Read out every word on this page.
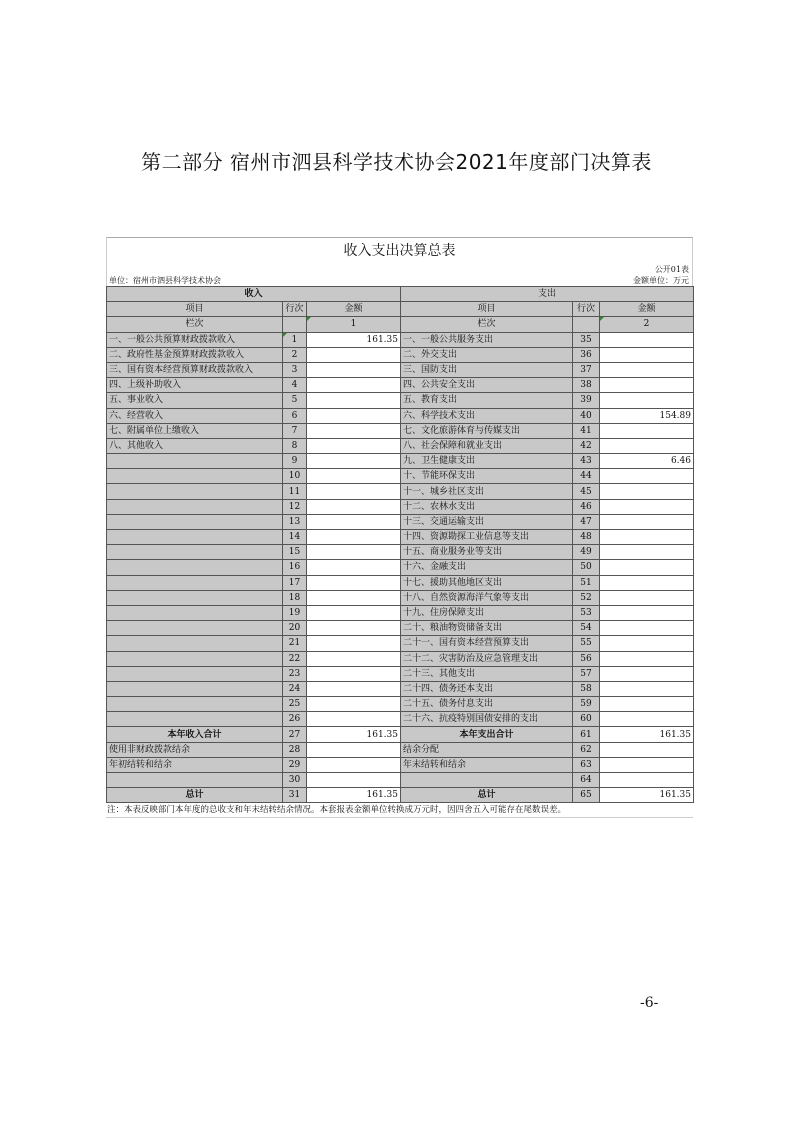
第二部分 宿州市泗县科学技术协会2021年度部门决算表
收入支出决算总表
公开01表
单位：宿州市泗县科学技术协会	金额单位：万元
收入			支出		
项目	行次	金额	项目	行次	金额
栏次		1	栏次		2
一、一般公共预算财政拨款收入	1	161.35	一、一般公共服务支出	35	
二、政府性基金预算财政拨款收入	2		二、外交支出	36	
三、国有资本经营预算财政拨款收入	3		三、国防支出	37	
四、上级补助收入	4		四、公共安全支出	38	
五、事业收入	5		五、教育支出	39	
六、经营收入	6		六、科学技术支出	40	154.89
七、附属单位上缴收入	7		七、文化旅游体育与传媒支出	41	
八、其他收入	8		八、社会保障和就业支出	42	
	9		九、卫生健康支出	43	6.46
	10		十、节能环保支出	44	
	11		十一、城乡社区支出	45	
	12		十二、农林水支出	46	
	13		十三、交通运输支出	47	
	14		十四、资源勘探工业信息等支出	48	
	15		十五、商业服务业等支出	49	
	16		十六、金融支出	50	
	17		十七、援助其他地区支出	51	
	18		十八、自然资源海洋气象等支出	52	
	19		十九、住房保障支出	53	
	20		二十、粮油物资储备支出	54	
	21		二十一、国有资本经营预算支出	55	
	22		二十二、灾害防治及应急管理支出	56	
	23		二十三、其他支出	57	
	24		二十四、债务还本支出	58	
	25		二十五、债务付息支出	59	
	26		二十六、抗疫特别国债安排的支出	60	
本年收入合计	27	161.35	本年支出合计	61	161.35
使用非财政拨款结余	28		结余分配	62	
年初结转和结余	29		年末结转和结余	63	
	30			64	
总计	31	161.35	总计	65	161.35
注：本表反映部门本年度的总收支和年末结转结余情况。本套报表金额单位转换成万元时，因四舍五入可能存在尾数误差。
-6-
